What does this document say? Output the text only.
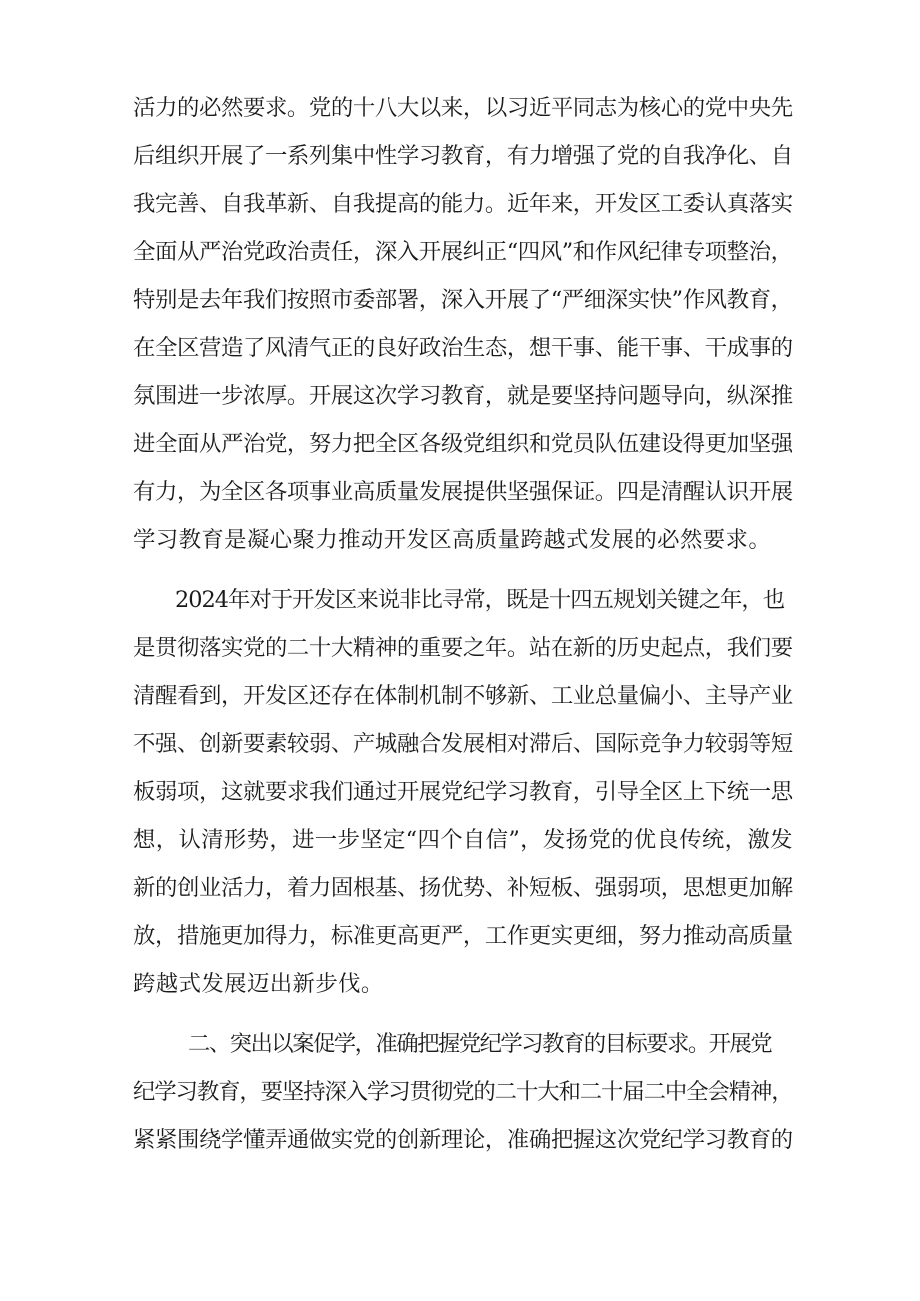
活力的必然要求。党的十八大以来，以习近平同志为核心的党中央先
后组织开展了一系列集中性学习教育，有力增强了党的自我净化、自
我完善、自我革新、自我提高的能力。近年来，开发区工委认真落实
全面从严治党政治责任，深入开展纠正“四风”和作风纪律专项整治，
特别是去年我们按照市委部署，深入开展了“严细深实快”作风教育，
在全区营造了风清气正的良好政治生态，想干事、能干事、干成事的
氛围进一步浓厚。开展这次学习教育，就是要坚持问题导向，纵深推
进全面从严治党，努力把全区各级党组织和党员队伍建设得更加坚强
有力，为全区各项事业高质量发展提供坚强保证。四是清醒认识开展
学习教育是凝心聚力推动开发区高质量跨越式发展的必然要求。
2024年对于开发区来说非比寻常，既是十四五规划关键之年，也
是贯彻落实党的二十大精神的重要之年。站在新的历史起点，我们要
清醒看到，开发区还存在体制机制不够新、工业总量偏小、主导产业
不强、创新要素较弱、产城融合发展相对滞后、国际竞争力较弱等短
板弱项，这就要求我们通过开展党纪学习教育，引导全区上下统一思
想，认清形势，进一步坚定“四个自信”，发扬党的优良传统，激发
新的创业活力，着力固根基、扬优势、补短板、强弱项，思想更加解
放，措施更加得力，标准更高更严，工作更实更细，努力推动高质量
跨越式发展迈出新步伐。
二、突出以案促学，准确把握党纪学习教育的目标要求。开展党
纪学习教育，要坚持深入学习贯彻党的二十大和二十届二中全会精神，
紧紧围绕学懂弄通做实党的创新理论，准确把握这次党纪学习教育的
